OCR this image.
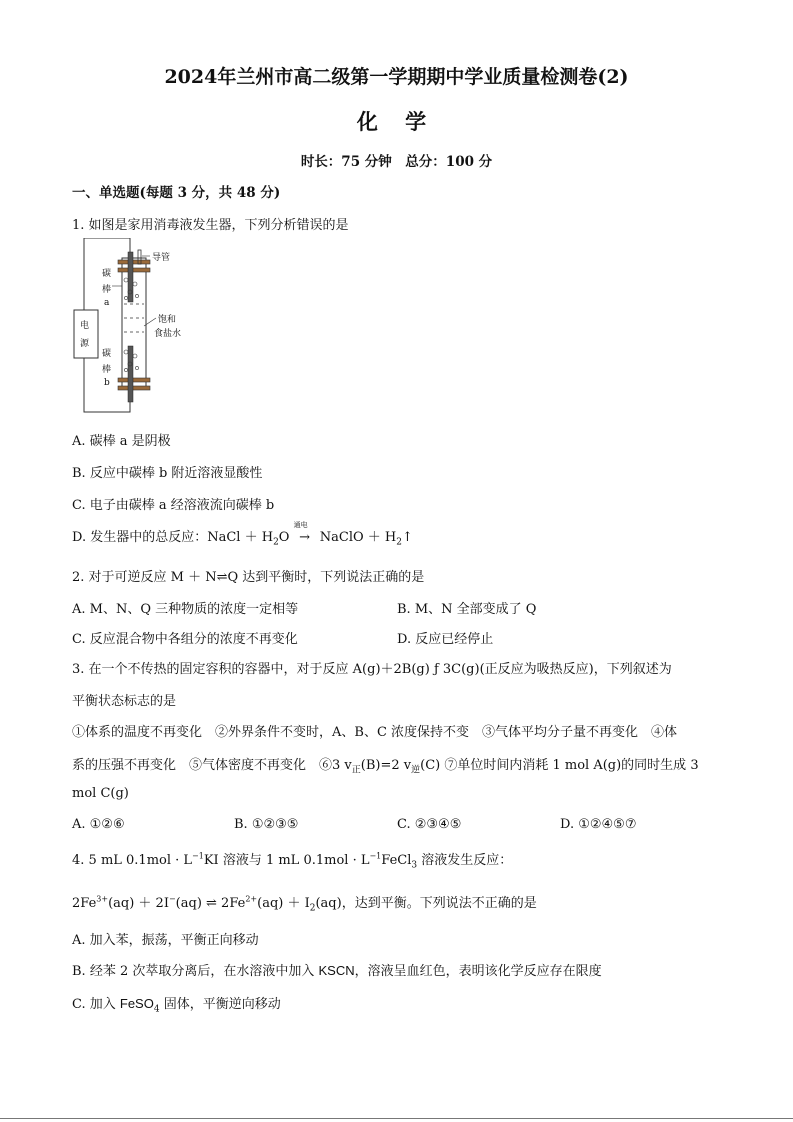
2024年兰州市高二级第一学期期中学业质量检测卷(2)
化 学
时长：75 分钟　总分：100 分
一、单选题(每题 3 分，共 48 分)
1. 如图是家用消毒液发生器，下列分析错误的是
导管
电
源
碳
棒
a
碳
棒
b
饱和
食盐水
A. 碳棒 a 是阴极
B. 反应中碳棒 b 附近溶液显酸性
C. 电子由碳棒 a 经溶液流向碳棒 b
D. 发生器中的总反应：NaCl ＋ $H_2O$
通电
→ NaClO ＋ $H_2↑$
2. 对于可逆反应 M ＋ N⇌Q 达到平衡时，下列说法正确的是
A. M、N、Q 三种物质的浓度一定相等	B. M、N 全部变成了 Q
C. 反应混合物中各组分的浓度不再变化	D. 反应已经停止
3. 在一个不传热的固定容积的容器中，对于反应 A(g)＋2B(g) ƒ 3C(g)(正反应为吸热反应)，下列叙述为
平衡状态标志的是
①体系的温度不再变化　②外界条件不变时，A、B、C 浓度保持不变　③气体平均分子量不再变化　④体
系的压强不再变化　⑤气体密度不再变化　⑥3 $v_正(B)=2$ $v_逆(C)$ ⑦单位时间内消耗 1 mol A(g)的同时生成 3
mol C(g)
A. ①②⑥	B. ①②③⑤	C. ②③④⑤	D. ①②④⑤⑦
4. 5 mL $0.1mol \cdot L^{-1}KI$ 溶液与 1 mL $0.1mol \cdot L^{-1}FeCl_3$ 溶液发生反应：
$2Fe^{3+}(aq) + 2I^-(aq)$ ⇌ $2Fe^{2+}(aq) + I_2(aq)$，达到平衡。下列说法不正确的是
A. 加入苯，振荡，平衡正向移动
B. 经苯 2 次萃取分离后，在水溶液中加入 KSCN，溶液呈血红色，表明该化学反应存在限度
C. 加入 FeSO$_4$ 固体，平衡逆向移动
